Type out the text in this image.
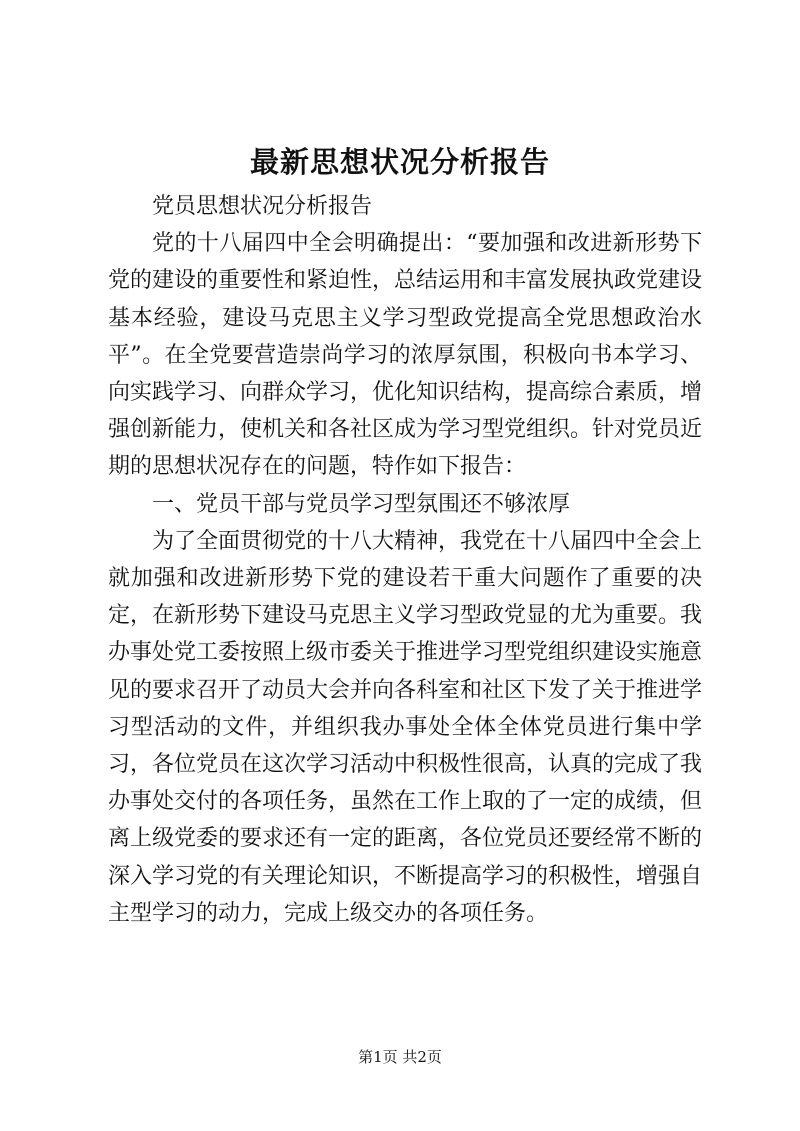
最新思想状况分析报告

党员思想状况分析报告

党的十八届四中全会明确提出：“要加强和改进新形势下党的建设的重要性和紧迫性，总结运用和丰富发展执政党建设基本经验，建设马克思主义学习型政党提高全党思想政治水平”。在全党要营造崇尚学习的浓厚氛围，积极向书本学习、向实践学习、向群众学习，优化知识结构，提高综合素质，增强创新能力，使机关和各社区成为学习型党组织。针对党员近期的思想状况存在的问题，特作如下报告：

一、党员干部与党员学习型氛围还不够浓厚

为了全面贯彻党的十八大精神，我党在十八届四中全会上就加强和改进新形势下党的建设若干重大问题作了重要的决定，在新形势下建设马克思主义学习型政党显的尤为重要。我办事处党工委按照上级市委关于推进学习型党组织建设实施意见的要求召开了动员大会并向各科室和社区下发了关于推进学习型活动的文件，并组织我办事处全体全体党员进行集中学习，各位党员在这次学习活动中积极性很高，认真的完成了我办事处交付的各项任务，虽然在工作上取的了一定的成绩，但离上级党委的要求还有一定的距离，各位党员还要经常不断的深入学习党的有关理论知识，不断提高学习的积极性，增强自主型学习的动力，完成上级交办的各项任务。

第1页 共2页
